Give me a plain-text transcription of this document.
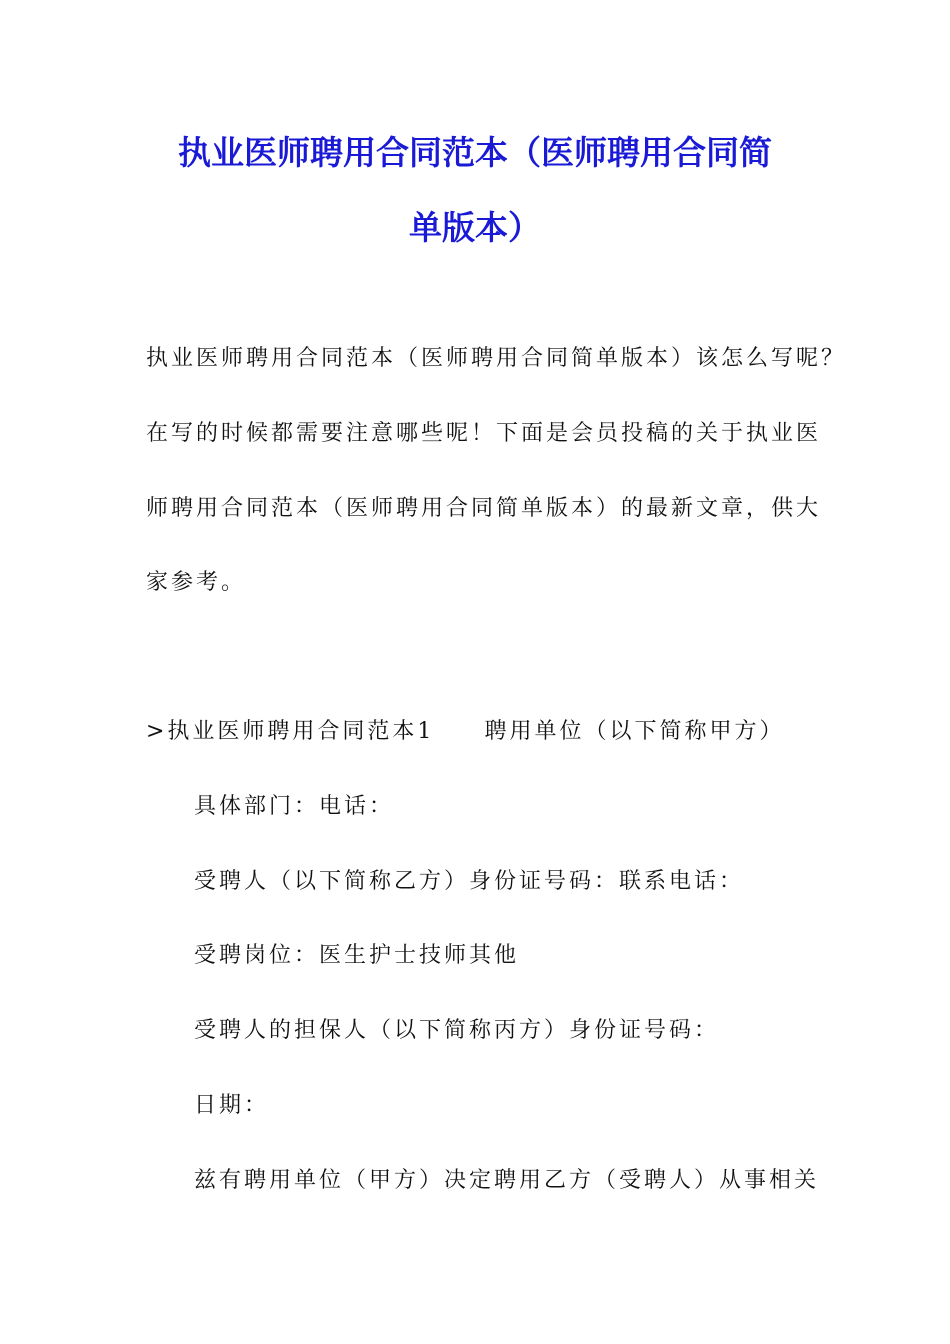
执业医师聘用合同范本（医师聘用合同简
单版本）
执业医师聘用合同范本（医师聘用合同简单版本）该怎么写呢？
在写的时候都需要注意哪些呢！下面是会员投稿的关于执业医
师聘用合同范本（医师聘用合同简单版本）的最新文章，供大
家参考。
>执业医师聘用合同范本1 聘用单位（以下简称甲方）
具体部门：电话：
受聘人（以下简称乙方）身份证号码：联系电话：
受聘岗位：医生护士技师其他
受聘人的担保人（以下简称丙方）身份证号码：
日期：
兹有聘用单位（甲方）决定聘用乙方（受聘人）从事相关
